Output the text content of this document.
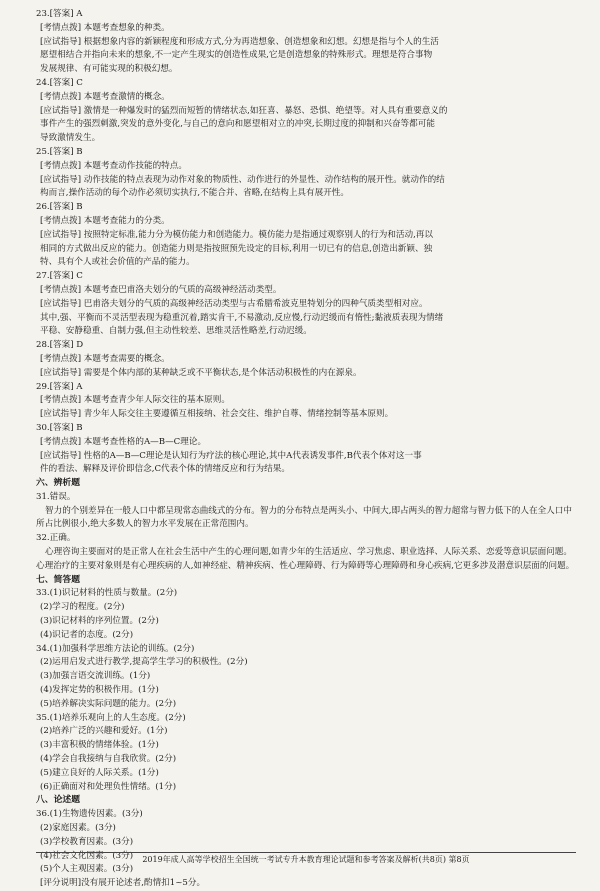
23.[答案] A
[考情点拨] 本题考查想象的种类。
[应试指导] 根据想象内容的新颖程度和形成方式,分为再造想象、创造想象和幻想。幻想是指与个人的生活
愿望相结合并指向未来的想象,不一定产生现实的创造性成果,它是创造想象的特殊形式。理想是符合事物
发展规律、有可能实现的积极幻想。
24.[答案] C
[考情点拨] 本题考查激情的概念。
[应试指导] 激情是一种爆发时的猛烈而短暂的情绪状态,如狂喜、暴怒、恐惧、绝望等。对人具有重要意义的
事件产生的强烈刺激,突发的意外变化,与自己的意向和愿望相对立的冲突,长期过度的抑制和兴奋等都可能
导致激情发生。
25.[答案] B
[考情点拨] 本题考查动作技能的特点。
[应试指导] 动作技能的特点表现为动作对象的物质性、动作进行的外显性、动作结构的展开性。就动作的结
构而言,操作活动的每个动作必须切实执行,不能合并、省略,在结构上具有展开性。
26.[答案] B
[考情点拨] 本题考查能力的分类。
[应试指导] 按照特定标准,能力分为模仿能力和创造能力。模仿能力是指通过观察别人的行为和活动,再以
相同的方式做出反应的能力。创造能力则是指按照预先设定的目标,利用一切已有的信息,创造出新颖、独
特、具有个人或社会价值的产品的能力。
27.[答案] C
[考情点拨] 本题考查巴甫洛夫划分的气质的高级神经活动类型。
[应试指导] 巴甫洛夫划分的气质的高级神经活动类型与古希腊希波克里特划分的四种气质类型相对应。
其中,强、平衡而不灵活型表现为稳重沉着,踏实肯干,不易激动,反应慢,行动迟缓而有惰性;黏液质表现为情绪
平稳、安静稳重、自制力强,但主动性较差、思维灵活性略差,行动迟缓。
28.[答案] D
[考情点拨] 本题考查需要的概念。
[应试指导] 需要是个体内部的某种缺乏或不平衡状态,是个体活动积极性的内在源泉。
29.[答案] A
[考情点拨] 本题考查青少年人际交往的基本原则。
[应试指导] 青少年人际交往主要遵循互相接纳、社会交往、维护自尊、情绪控制等基本原则。
30.[答案] B
[考情点拨] 本题考查性格的A—B—C理论。
[应试指导] 性格的A—B—C理论是认知行为疗法的核心理论,其中A代表诱发事件,B代表个体对这一事
件的看法、解释及评价即信念,C代表个体的情绪反应和行为结果。
六、辨析题
31.错误。
智力的个别差异在一般人口中都呈现常态曲线式的分布。智力的分布特点是两头小、中间大,即占两头的智力超常与智力低下的人在全人口中所占比例很小,绝大多数人的智力水平发展在正常范围内。
32.正确。
心理咨询主要面对的是正常人在社会生活中产生的心理问题,如青少年的生活适应、学习焦虑、职业选择、人际关系、恋爱等意识层面问题。心理治疗的主要对象则是有心理疾病的人,如神经症、精神疾病、性心理障碍、行为障碍等心理障碍和身心疾病,它更多涉及潜意识层面的问题。
七、简答题
33.(1)识记材料的性质与数量。(2分)
(2)学习的程度。(2分)
(3)识记材料的序列位置。(2分)
(4)识记者的态度。(2分)
34.(1)加强科学思维方法论的训练。(2分)
(2)运用启发式进行教学,提高学生学习的积极性。(2分)
(3)加强言语交流训练。(1分)
(4)发挥定势的积极作用。(1分)
(5)培养解决实际问题的能力。(2分)
35.(1)培养乐观向上的人生态度。(2分)
(2)培养广泛的兴趣和爱好。(1分)
(3)丰富积极的情绪体验。(1分)
(4)学会自我接纳与自我欣赏。(2分)
(5)建立良好的人际关系。(1分)
(6)正确面对和处理负性情绪。(1分)
八、论述题
36.(1)生物遗传因素。(3分)
(2)家庭因素。(3分)
(3)学校教育因素。(3分)
(4)社会文化因素。(3分)
(5)个人主观因素。(3分)
[评分说明]没有展开论述者,酌情扣1~5分。
2019年成人高等学校招生全国统一考试专升本教育理论试题和参考答案及解析(共8页) 第8页
